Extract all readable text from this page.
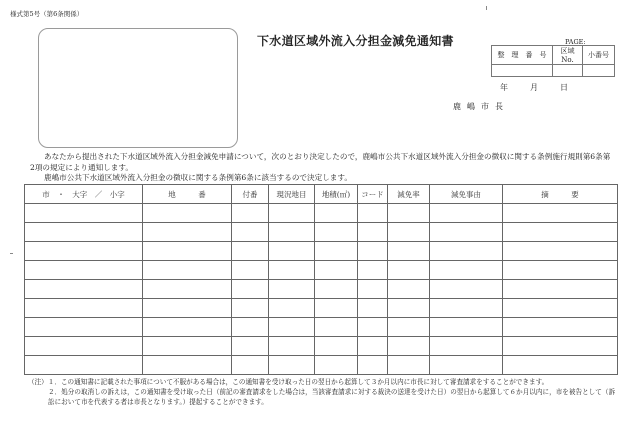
様式第5号（第6条関係）
下水道区域外流入分担金減免通知書	PAGE:
整　理　番　号	区域No.	小番号

年	月	日
鹿嶋市長

あなたから提出された下水道区域外流入分担金減免申請について，次のとおり決定したので，鹿嶋市公共下水道区域外流入分担金の徴収に関する条例施行規則第6条第2項の規定により通知します。

鹿嶋市公共下水道区域外流入分担金の徴収に関する条例第6条に該当するので決定します。

市　・　大字　／　小字	地　　　番	付番	現況地目	地積(㎡)	コード	減免率	減免事由	摘　　　要

（注）１．この通知書に記載された事項について不服がある場合は，この通知書を受け取った日の翌日から起算して３か月以内に市長に対して審査請求をすることができます。

２．処分の取消しの訴えは，この通知書を受け取った日（前記の審査請求をした場合は，当該審査請求に対する裁決の送達を受けた日）の翌日から起算して６か月以内に，市を被告として（訴訟において市を代表する者は市長となります。）提起することができます。
